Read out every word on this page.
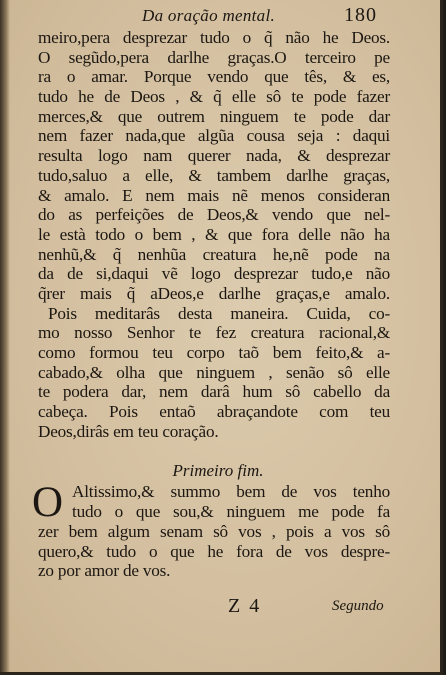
Da oração mental.	180
meiro,pera desprezar tudo o q̃ não he Deos.
O segũdo,pera darlhe graças.O terceiro pe
ra o amar. Porque vendo que tês, & es,
tudo he de Deos , & q̃ elle sô te pode fazer
merces,& que outrem ninguem te pode dar
nem fazer nada,que algũa cousa seja : daqui
resulta logo nam querer nada, & desprezar
tudo,saluo a elle, & tambem darlhe graças,
& amalo. E nem mais nẽ menos consideran
do as perfeições de Deos,& vendo que nel-
le està todo o bem , & que fora delle não ha
nenhũ,& q̃ nenhũa creatura he,nẽ pode na
da de si,daqui vẽ logo desprezar tudo,e não
q̃rer mais q̃ aDeos,e darlhe graças,e amalo.
Pois meditarâs desta maneira. Cuida, co-
mo nosso Senhor te fez creatura racional,&
como formou teu corpo taõ bem feito,& a-
cabado,& olha que ninguem , senão sô elle
te podera dar, nem darâ hum sô cabello da
cabeça. Pois entaõ abraçandote com teu
Deos,dirâs em teu coração.
Primeiro fim.
O Altissimo,& summo bem de vos tenho
tudo o que sou,& ninguem me pode fa
zer bem algum senam sô vos , pois a vos sô
quero,& tudo o que he fora de vos despre-
zo por amor de vos.
Z 4	Segundo
